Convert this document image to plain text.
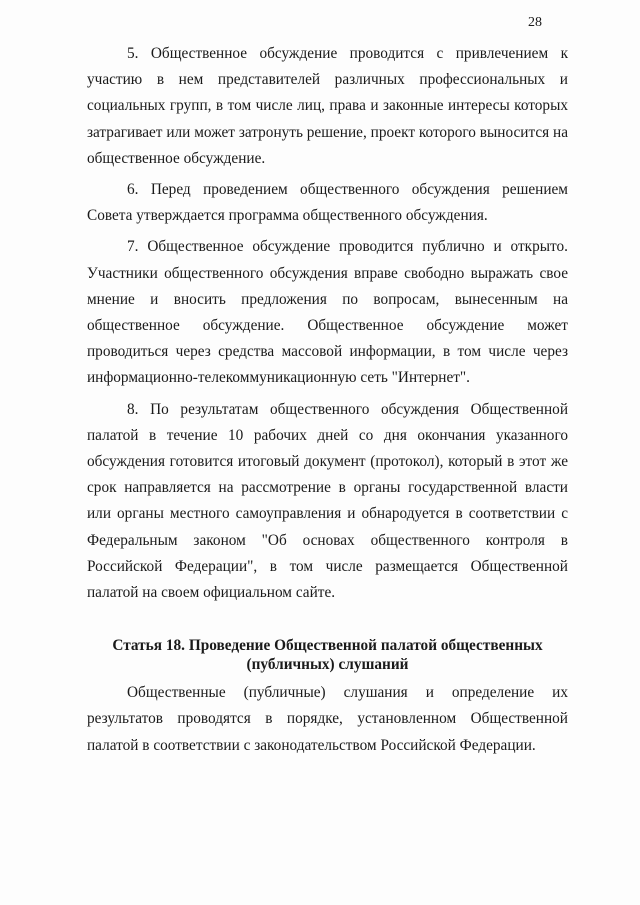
28

5. Общественное обсуждение проводится с привлечением к участию в нем представителей различных профессиональных и социальных групп, в том числе лиц, права и законные интересы которых затрагивает или может затронуть решение, проект которого выносится на общественное обсуждение.

6. Перед проведением общественного обсуждения решением Совета утверждается программа общественного обсуждения.

7. Общественное обсуждение проводится публично и открыто. Участники общественного обсуждения вправе свободно выражать свое мнение и вносить предложения по вопросам, вынесенным на общественное обсуждение. Общественное обсуждение может проводиться через средства массовой информации, в том числе через информационно-телекоммуникационную сеть "Интернет".

8. По результатам общественного обсуждения Общественной палатой в течение 10 рабочих дней со дня окончания указанного обсуждения готовится итоговый документ (протокол), который в этот же срок направляется на рассмотрение в органы государственной власти или органы местного самоуправления и обнародуется в соответствии с Федеральным законом "Об основах общественного контроля в Российской Федерации", в том числе размещается Общественной палатой на своем официальном сайте.

Статья 18. Проведение Общественной палатой общественных
(публичных) слушаний

Общественные (публичные) слушания и определение их результатов проводятся в порядке, установленном Общественной палатой в соответствии с законодательством Российской Федерации.
